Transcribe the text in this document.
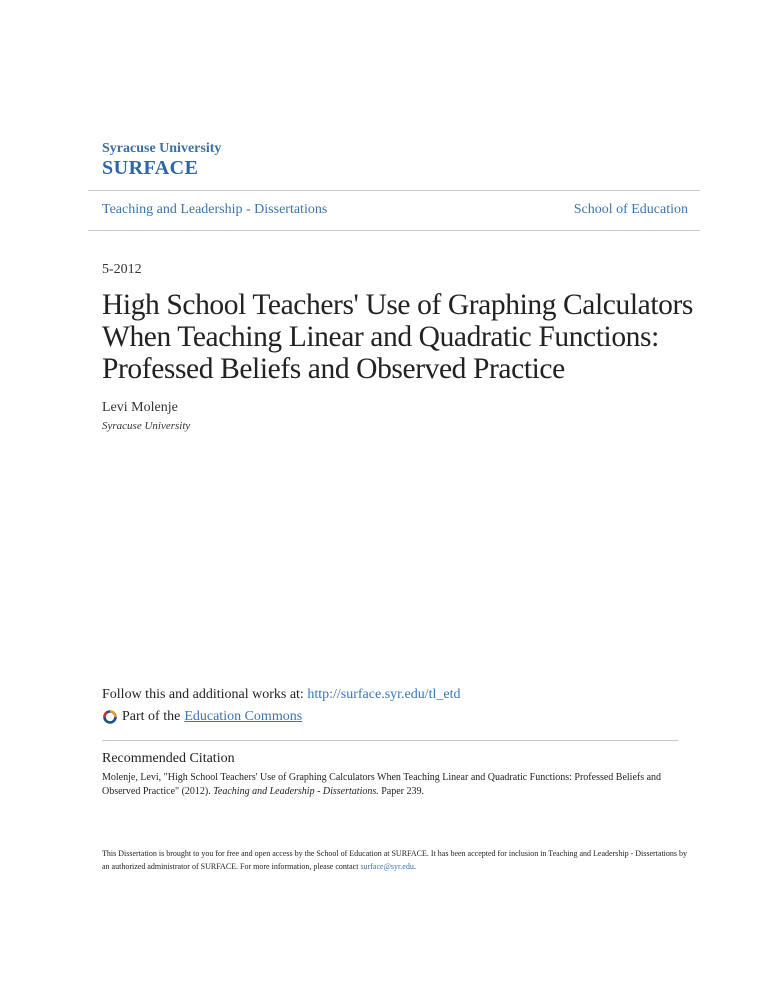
Syracuse University
SURFACE
Teaching and Leadership - Dissertations	School of Education
5-2012
High School Teachers' Use of Graphing Calculators When Teaching Linear and Quadratic Functions: Professed Beliefs and Observed Practice
Levi Molenje
Syracuse University
Follow this and additional works at: http://surface.syr.edu/tl_etd
Part of the Education Commons
Recommended Citation
Molenje, Levi, "High School Teachers' Use of Graphing Calculators When Teaching Linear and Quadratic Functions: Professed Beliefs and Observed Practice" (2012). Teaching and Leadership - Dissertations. Paper 239.
This Dissertation is brought to you for free and open access by the School of Education at SURFACE. It has been accepted for inclusion in Teaching and Leadership - Dissertations by an authorized administrator of SURFACE. For more information, please contact surface@syr.edu.
